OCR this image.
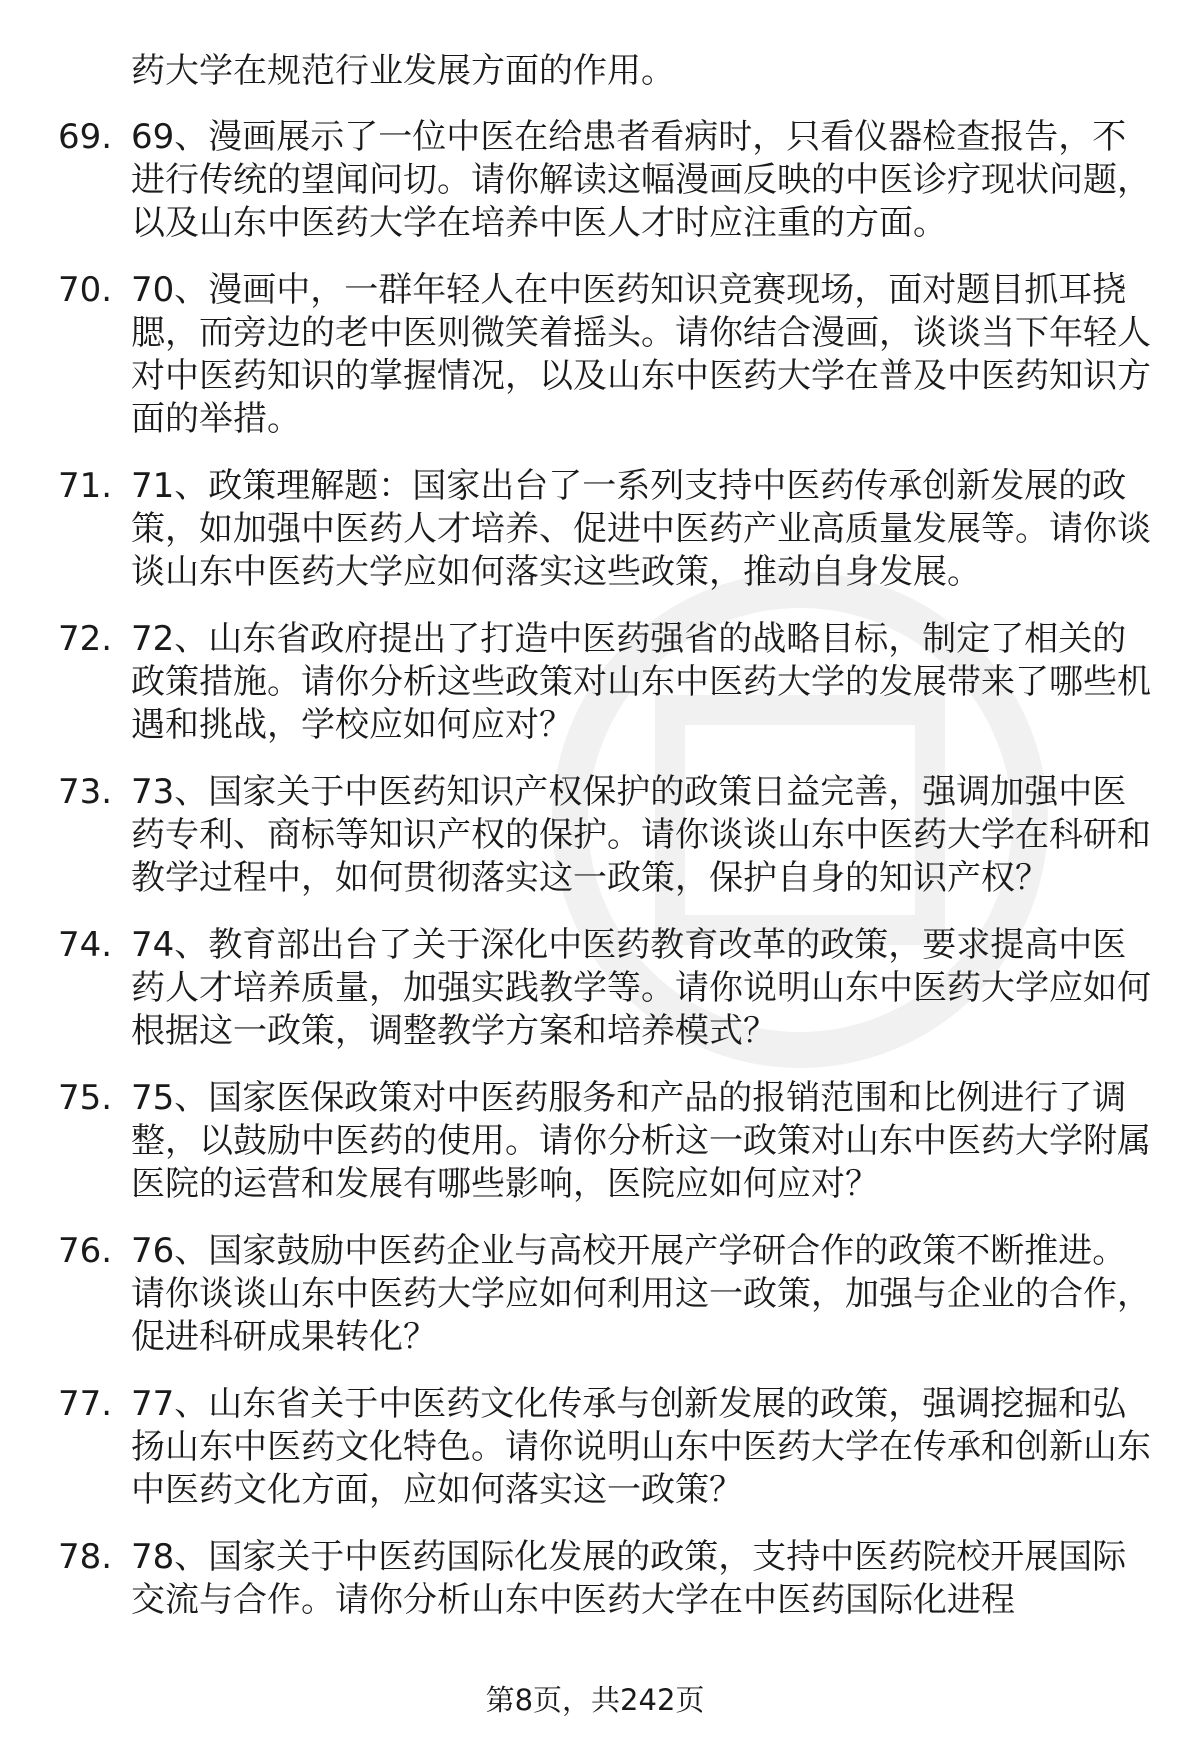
药大学在规范行业发展方面的作用。

69. 69、漫画展示了一位中医在给患者看病时，只看仪器检查报告，不进行传统的望闻问切。请你解读这幅漫画反映的中医诊疗现状问题，以及山东中医药大学在培养中医人才时应注重的方面。
70. 70、漫画中，一群年轻人在中医药知识竞赛现场，面对题目抓耳挠腮，而旁边的老中医则微笑着摇头。请你结合漫画，谈谈当下年轻人对中医药知识的掌握情况，以及山东中医药大学在普及中医药知识方面的举措。
71. 71、政策理解题：国家出台了一系列支持中医药传承创新发展的政策，如加强中医药人才培养、促进中医药产业高质量发展等。请你谈谈山东中医药大学应如何落实这些政策，推动自身发展。
72. 72、山东省政府提出了打造中医药强省的战略目标，制定了相关的政策措施。请你分析这些政策对山东中医药大学的发展带来了哪些机遇和挑战，学校应如何应对？
73. 73、国家关于中医药知识产权保护的政策日益完善，强调加强中医药专利、商标等知识产权的保护。请你谈谈山东中医药大学在科研和教学过程中，如何贯彻落实这一政策，保护自身的知识产权？
74. 74、教育部出台了关于深化中医药教育改革的政策，要求提高中医药人才培养质量，加强实践教学等。请你说明山东中医药大学应如何根据这一政策，调整教学方案和培养模式？
75. 75、国家医保政策对中医药服务和产品的报销范围和比例进行了调整，以鼓励中医药的使用。请你分析这一政策对山东中医药大学附属医院的运营和发展有哪些影响，医院应如何应对？
76. 76、国家鼓励中医药企业与高校开展产学研合作的政策不断推进。请你谈谈山东中医药大学应如何利用这一政策，加强与企业的合作，促进科研成果转化？
77. 77、山东省关于中医药文化传承与创新发展的政策，强调挖掘和弘扬山东中医药文化特色。请你说明山东中医药大学在传承和创新山东中医药文化方面，应如何落实这一政策？
78. 78、国家关于中医药国际化发展的政策，支持中医药院校开展国际交流与合作。请你分析山东中医药大学在中医药国际化进程
第8页，共242页
